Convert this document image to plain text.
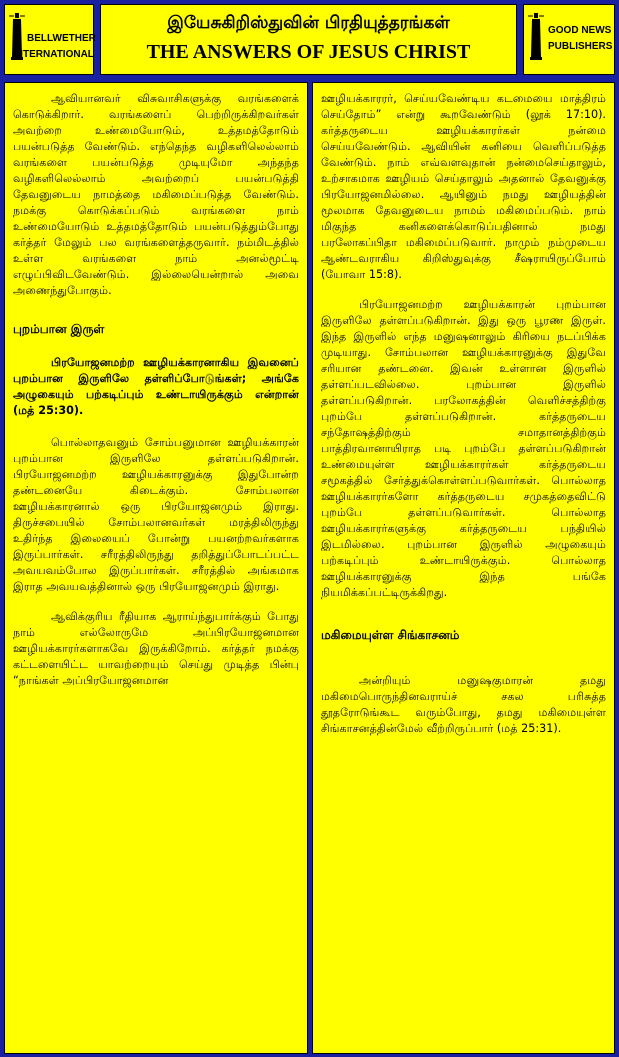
BELLWETHER
INTERNATIONAL
இயேசுகிறிஸ்துவின் பிரதியுத்தரங்கள்
THE ANSWERS OF JESUS CHRIST
GOOD NEWS
PUBLISHERS

ஆவியானவர் விசுவாசிகளுக்கு வரங்களைக் கொடுக்கிறார். வரங்களைப் பெற்றிருக்கிறவர்கள் அவற்றை உண்மையோடும், உத்தமத்தோடும் பயன்படுத்த வேண்டும். எந்தெந்த வழிகளிலெல்லாம் வரங்களை பயன்படுத்த முடியுமோ அந்தந்த வழிகளிலெல்லாம் அவற்றைப் பயன்படுத்தி தேவனுடைய நாமத்தை மகிமைப்படுத்த வேண்டும். நமக்கு கொடுக்கப்படும் வரங்களை நாம் உண்மையோடும் உத்தமத்தோடும் பயன்படுத்தும்போது கர்த்தர் மேலும் பல வரங்களைத்தருவார். நம்மிடத்தில் உள்ள வரங்களை நாம் அனல்மூட்டி எழுப்பிவிடவேண்டும். இல்லையென்றால் அவை அணைந்துபோகும்.

புறம்பான இருள்

பிரயோஜனமற்ற ஊழியக்காரனாகிய இவனைப் புறம்பான இருளிலே தள்ளிப்போடுங்கள்; அங்கே அழுகையும் பற்கடிப்பும் உண்டாயிருக்கும் என்றான் (மத் 25:30).

பொல்லாதவனும் சோம்பனுமான ஊழியக்காரன் புறம்பான இருளிலே தள்ளப்படுகிறான். பிரயோஜனமற்ற ஊழியக்காரனுக்கு இதுபோன்ற தண்டனையே கிடைக்கும். சோம்பலான ஊழியக்காரனால் ஒரு பிரயோஜனமும் இராது. திருச்சபையில் சோம்பலானவர்கள் மரத்திலிருந்து உதிர்ந்த இலையைப் போன்று பயனற்றவர்களாக இருப்பார்கள். சரீரத்திலிருந்து தறித்துப்போடப்பட்ட அவயவம்போல இருப்பார்கள். சரீரத்தில் அங்கமாக இராத அவயவத்தினால் ஒரு பிரயோஜனமும் இராது.

ஆவிக்குரிய ரீதியாக ஆராய்ந்துபார்க்கும் போது நாம் எல்லோருமே அப்பிரயோஜனமான ஊழியக்காரர்களாகவே இருக்கிறோம். கர்த்தர் நமக்கு கட்டளையிட்ட யாவற்றையும் செய்து முடித்த பின்பு “நாங்கள் அப்பிரயோஜனமான

ஊழியக்காரரர், செய்யவேண்டிய கடமையை மாத்திரம் செய்தோம்” என்று கூறவேண்டும் (லூக் 17:10). கர்த்தருடைய ஊழியக்காரர்கள் நன்மை செய்யவேண்டும். ஆவியின் கனியை வெளிப்படுத்த வேண்டும். நாம் எவ்வளவுதான் நன்மைசெய்தாலும், உற்சாகமாக ஊழியம் செய்தாலும் அதனால் தேவனுக்கு பிரயோஜனமில்லை. ஆயினும் நமது ஊழியத்தின் மூலமாக தேவனுடைய நாமம் மகிமைப்படும். நாம் மிகுந்த கனிகளைக்கொடுப்பதினால் நமது பரலோகப்பிதா மகிமைப்படுவார். நாமும் நம்முடைய ஆண்டவராகிய கிறிஸ்துவுக்கு சீஷராயிருப்போம் (யோவா 15:8).

பிரயோஜனமற்ற ஊழியக்காரன் புறம்பான இருளிலே தள்ளப்படுகிறான். இது ஒரு பூரண இருள். இந்த இருளில் எந்த மனுஷனாலும் கிரியை நடப்பிக்க முடியாது. சோம்பலான ஊழியக்காரனுக்கு இதுவே சரியான தண்டனை. இவன் உள்ளான இருளில் தள்ளப்படவில்லை. புறம்பான இருளில் தள்ளப்படுகிறான். பரலோகத்தின் வெளிச்சத்திற்கு புறம்பே தள்ளப்படுகிறான். கர்த்தருடைய சந்தோஷத்திற்கும் சமாதானத்திற்கும் பாத்திரவானாயிராத படி புறம்பே தள்ளப்படுகிறான் உண்மையுள்ள ஊழியக்காரர்கள் கர்த்தருடைய சமூகத்தில் சேர்த்துக்கொள்ளப்படுவார்கள். பொல்லாத ஊழியக்காரர்களோ கர்த்தருடைய சமுகத்தைவிட்டு புறம்பே தள்ளப்படுவார்கள். பொல்லாத ஊழியக்காரர்களுக்கு கர்த்தருடைய பந்தியில் இடமில்லை. புறம்பான இருளில் அழுகையும் பற்கடிப்பும் உண்டாயிருக்கும். பொல்லாத ஊழியக்காரனுக்கு இந்த பங்கே நியமிக்கப்பட்டிருக்கிறது.

மகிமையுள்ள சிங்காசனம்

அன்றியும் மனுஷகுமாரன் தமது மகிமைபொருந்தினவராய்ச் சகல பரிசுத்த தூதரோடுங்கூட வரும்போது, தமது மகிமையுள்ள சிங்காசனத்தின்மேல் வீற்றிருப்பார் (மத் 25:31).
